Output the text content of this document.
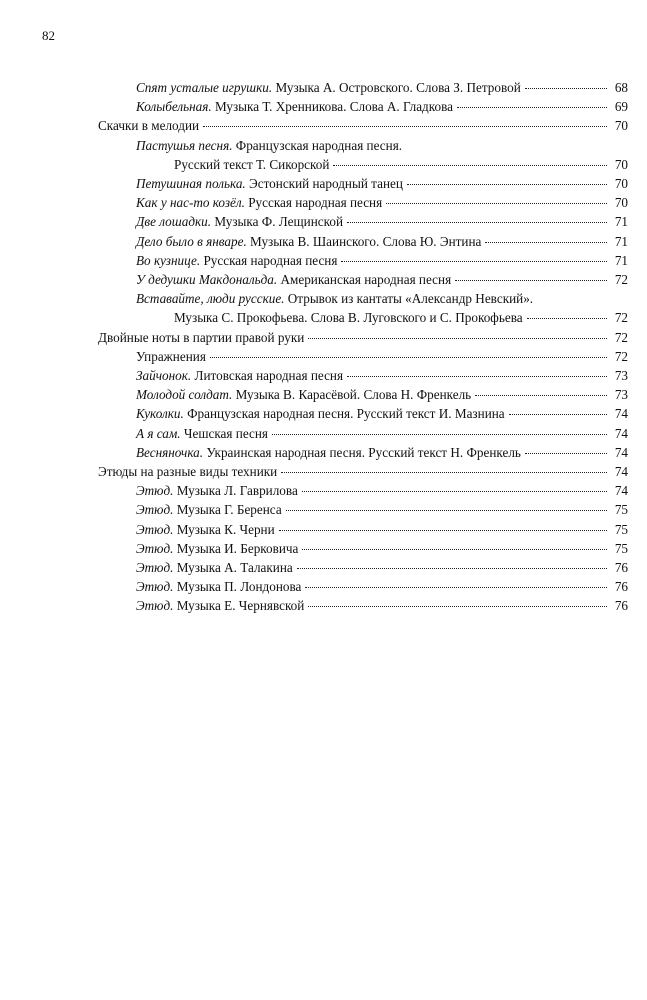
82
Спят усталые игрушки. Музыка А. Островского. Слова З. Петровой	68
Колыбельная. Музыка Т. Хренникова. Слова А. Гладкова	69
Скачки в мелодии	70
Пастушья песня. Французская народная песня.
Русский текст Т. Сикорской	70
Петушиная полька. Эстонский народный танец	70
Как у нас-то козёл. Русская народная песня	70
Две лошадки. Музыка Ф. Лещинской	71
Дело было в январе. Музыка В. Шаинского. Слова Ю. Энтина	71
Во кузнице. Русская народная песня	71
У дедушки Макдональда. Американская народная песня	72
Вставайте, люди русские. Отрывок из кантаты «Александр Невский».
Музыка С. Прокофьева. Слова В. Луговского и С. Прокофьева	72
Двойные ноты в партии правой руки	72
Упражнения	72
Зайчонок. Литовская народная песня	73
Молодой солдат. Музыка В. Карасёвой. Слова Н. Френкель	73
Куколки. Французская народная песня. Русский текст И. Мазнина	74
А я сам. Чешская песня	74
Весняночка. Украинская народная песня. Русский текст Н. Френкель	74
Этюды на разные виды техники	74
Этюд. Музыка Л. Гаврилова	74
Этюд. Музыка Г. Беренса	75
Этюд. Музыка К. Черни	75
Этюд. Музыка И. Берковича	75
Этюд. Музыка А. Талакина	76
Этюд. Музыка П. Лондонова	76
Этюд. Музыка Е. Чернявской	76
